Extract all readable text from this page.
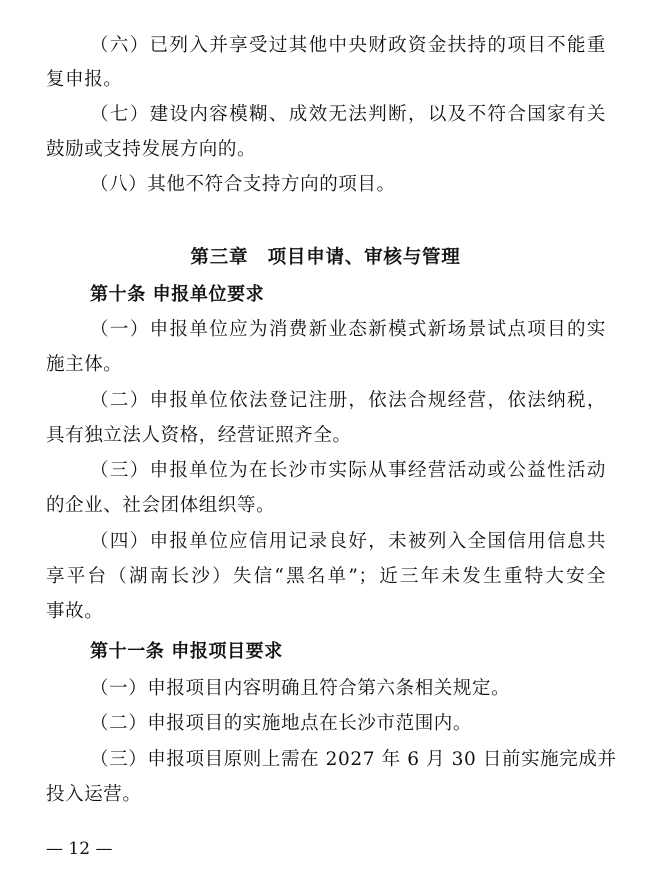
（六）已列入并享受过其他中央财政资金扶持的项目不能重
复申报。
（七）建设内容模糊、成效无法判断，以及不符合国家有关
鼓励或支持发展方向的。
（八）其他不符合支持方向的项目。
第三章　项目申请、审核与管理
第十条 申报单位要求
（一）申报单位应为消费新业态新模式新场景试点项目的实
施主体。
（二）申报单位依法登记注册，依法合规经营，依法纳税，
具有独立法人资格，经营证照齐全。
（三）申报单位为在长沙市实际从事经营活动或公益性活动
的企业、社会团体组织等。
（四）申报单位应信用记录良好，未被列入全国信用信息共
享平台（湖南长沙）失信“黑名单”；近三年未发生重特大安全
事故。
第十一条 申报项目要求
（一）申报项目内容明确且符合第六条相关规定。
（二）申报项目的实施地点在长沙市范围内。
（三）申报项目原则上需在 2027 年 6 月 30 日前实施完成并
投入运营。
— 12 —
